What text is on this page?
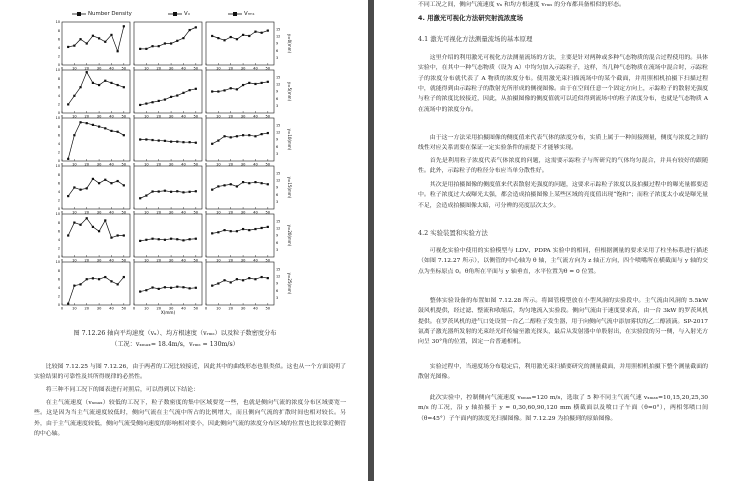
Number Density	Vₓ	Vᵣₘₛ
0 10 20 30 40 50 0 10 20 30 40 50 0 10 20 30 40 50
0
2
4
6
8
10
3
6
9
12
15
y=0(mm)
0 10 20 30 40 50 0 10 20 30 40 50 0 10 20 30 40 50
0
2
4
6
8
10
3
6
9
12
15
y=5(mm)
0 10 20 30 40 50 0 10 20 30 40 50 0 10 20 30 40 50
0
2
4
6
8
10
3
6
9
12
15
y=10(mm)
0 10 20 30 40 50 0 10 20 30 40 50 0 10 20 30 40 50
0
2
4
6
8
10
3
6
9
12
15
y=15(mm)
0 10 20 30 40 50 0 10 20 30 40 50 0 10 20 30 40 50
0
2
4
6
8
10
3
6
9
12
15
y=20(mm)
0 10 20 30 40 50 0 10 20 30 40 50 0 10 20 30 40 50
0
2
4
6
8
10
3
6
9
12
15
y=25(mm)
X(mm)
图 7.12.26 轴向平均速度（vₓ）、均方根速度（vᵣₘₛ）以及粒子数密度分布
（工况：vₓₘₐₓ= 18.4m/s，vᵣₘₛ = 130m/s）

比较图 7.12.25 与图 7.12.26，由于两者的工况比较接近，因此其中的曲线形态也很类似。这也从一个方面说明了实验结果的可靠性及其所得规律的必然性。

将三种不同工况下的图表进行对照后，可以得到以下结论：

在主气流速度（vₓₘₐₓ）较低的工况下，粒子数密度的集中区域要宽一些，也就是侧向气流的浓度分布区域要宽一些。这是因为当主气流速度较低时，侧向气流在主气流中所占的比例增大，而且侧向气流的扩散时间也相对较长。另外，由于主气流速度较低，侧向气流受侧向速度的影响相对要小，因此侧向气流的浓度分布区域的位置也比较靠近侧管的中心轴。

不同工况之间，侧向气流速度 vₓ 和均方根速度 vᵣₘₛ 的分布都具备相似的形态。

4. 用激光可视化方法研究射流浓度场
4.1 激光可视化方法测量流场的基本原理

这里介绍的利用激光可视化方法测量流场的方法，主要是针对两种或多种气态物质的混合过程使用的。具体实验中，在其中一种气态物质（设为 A）中均匀加入示踪粒子，这样，当几种气态物质在流场中混合时，示踪粒子的浓度分布就代表了 A 物质的浓度分布。使用激光束扫描流场中的某个截面，并用照相机拍摄下扫描过程中，就能得到由示踪粒子的散射光所形成的侧视图像。由于在空间任意一个固定方向上，示踪粒子的散射光强度与粒子的浓度比较接近，因此，从拍摄图像的侧度值就可以近似得到流场中的粒子浓度分布，也就是气态物质 A 在流场中的浓度分布。

由于这一方法采用拍摄图像的侧度值来代表气体的浓度分布，实质上属于一种间接测量，侧度与浓度之间的线性对应关系需要在保证一定实验条件的前提下才能够实现。

首先是利用粒子浓度代表气体浓度的问题，这需要示踪粒子与所研究的气体均匀混合，并具有较好的跟随性。此外，示踪粒子的粒径分布应当单分散性好。

其次是用拍摄图像的侧度值来代表散射光强度的问题，这要求示踪粒子浓度以及拍摄过程中的曝光量都要适中。粒子浓度过大或曝光太强，都会造成拍摄图像上某些区域的亮度值出现“饱和”；而粒子浓度太小或是曝光量不足，会造成拍摄图像太暗，可分辨的亮度层次太少。

4.2 实验装置和实验方法

可视化实验中使用的实验模型与 LDV、PDPA 实验中的相同，但根据测量的要求采用了柱坐标系进行描述（如图 7.12.27 所示），以侧管的中心轴为 θ 轴，主气流方向为 z 轴正方向，四个喷嘴所在横截面与 y 轴的交点为坐标原点 0。θ角所在平面与 y 轴垂直，水平位置为θ = 0 位置。

整体实验设备的布置如图 7.12.28 所示。将圆管模型放在小型风洞的实验段中。主气流由风洞的 5.5kW 鼓风机提供，经过滤、整流和收缩后，均匀地流入实验段。侧向气流由于速度要求高，由一台 3kW 的罗茨风机提供。在罗茨风机的进气口处设置一台乙二醇粒子发生器，用于向侧向气流中添加雾状的乙二醇液滴。SP-2017 氩离子激光器所发射的光束经光纤传输至激光探头，最后从发射器中单股射出，在实验段的另一侧，与入射光方向呈 30°角的位置，固定一台普通相机。

实验过程中，当速度场分布稳定后，利用激光束扫描要研究的测量截面，并用照相机拍摄下整个测量截面的散射光图像。

此次实验中，控制侧向气流速度 vₓₘₐₓ=120 m/s，选取了 5 种不同主气流气速 vₓₘₐₓ=10,15,20,25,30 m/s 的工况，沿 y 轴拍摄于 y = 0,30,60,90,120 mm 横截面以及喷口子午面（θ=0°），两相邻喷口间（θ=45°）子午面内的浓度光扫描图像。图 7.12.29 为拍摄到的原始图像。
